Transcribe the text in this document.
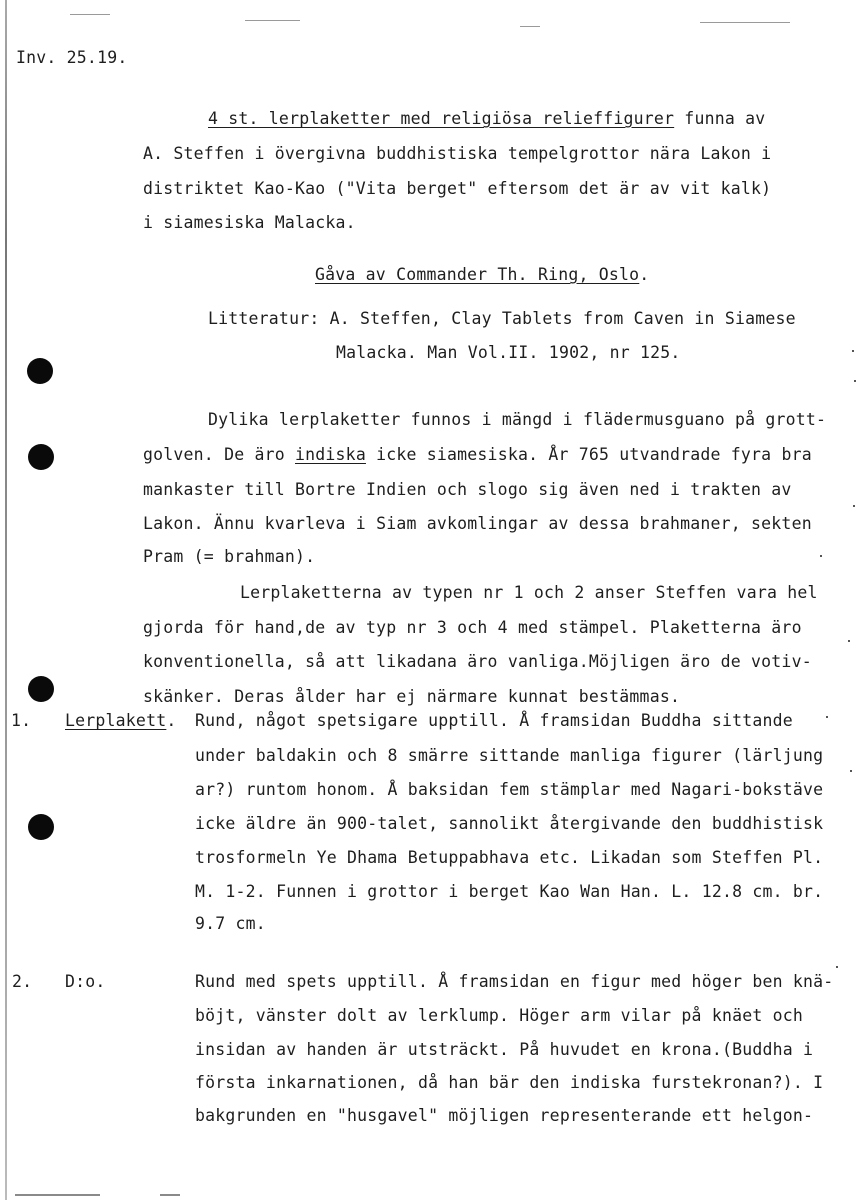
Inv. 25.19.
4 st. lerplaketter med religiösa relieffigurer funna av
A. Steffen i övergivna buddhistiska tempelgrottor nära Lakon i
distriktet Kao-Kao ("Vita berget" eftersom det är av vit kalk)
i siamesiska Malacka.
Gåva av Commander Th. Ring, Oslo.
Litteratur: A. Steffen, Clay Tablets from Caven in Siamese
Malacka. Man Vol.II. 1902, nr 125.
Dylika lerplaketter funnos i mängd i flädermusguano på grott-
golven. De äro indiska icke siamesiska. År 765 utvandrade fyra bra
mankaster till Bortre Indien och slogo sig även ned i trakten av
Lakon. Ännu kvarleva i Siam avkomlingar av dessa brahmaner, sekten
Pram (= brahman).
Lerplaketterna av typen nr 1 och 2 anser Steffen vara hel
gjorda för hand,de av typ nr 3 och 4 med stämpel. Plaketterna äro
konventionella, så att likadana äro vanliga.Möjligen äro de votiv-
skänker. Deras ålder har ej närmare kunnat bestämmas.
1. Lerplakett. Rund, något spetsigare upptill. Å framsidan Buddha sittande
under baldakin och 8 smärre sittande manliga figurer (lärljung
ar?) runtom honom. Å baksidan fem stämplar med Nagari-bokstäve
icke äldre än 900-talet, sannolikt återgivande den buddhistisk
trosformeln Ye Dhama Betuppabhava etc. Likadan som Steffen Pl.
M. 1-2. Funnen i grottor i berget Kao Wan Han. L. 12.8 cm. br.
9.7 cm.
2. D:o.	Rund med spets upptill. Å framsidan en figur med höger ben knä-
böjt, vänster dolt av lerklump. Höger arm vilar på knäet och
insidan av handen är utsträckt. På huvudet en krona.(Buddha i
första inkarnationen, då han bär den indiska furstekronan?). I
bakgrunden en "husgavel" möjligen representerande ett helgon-
